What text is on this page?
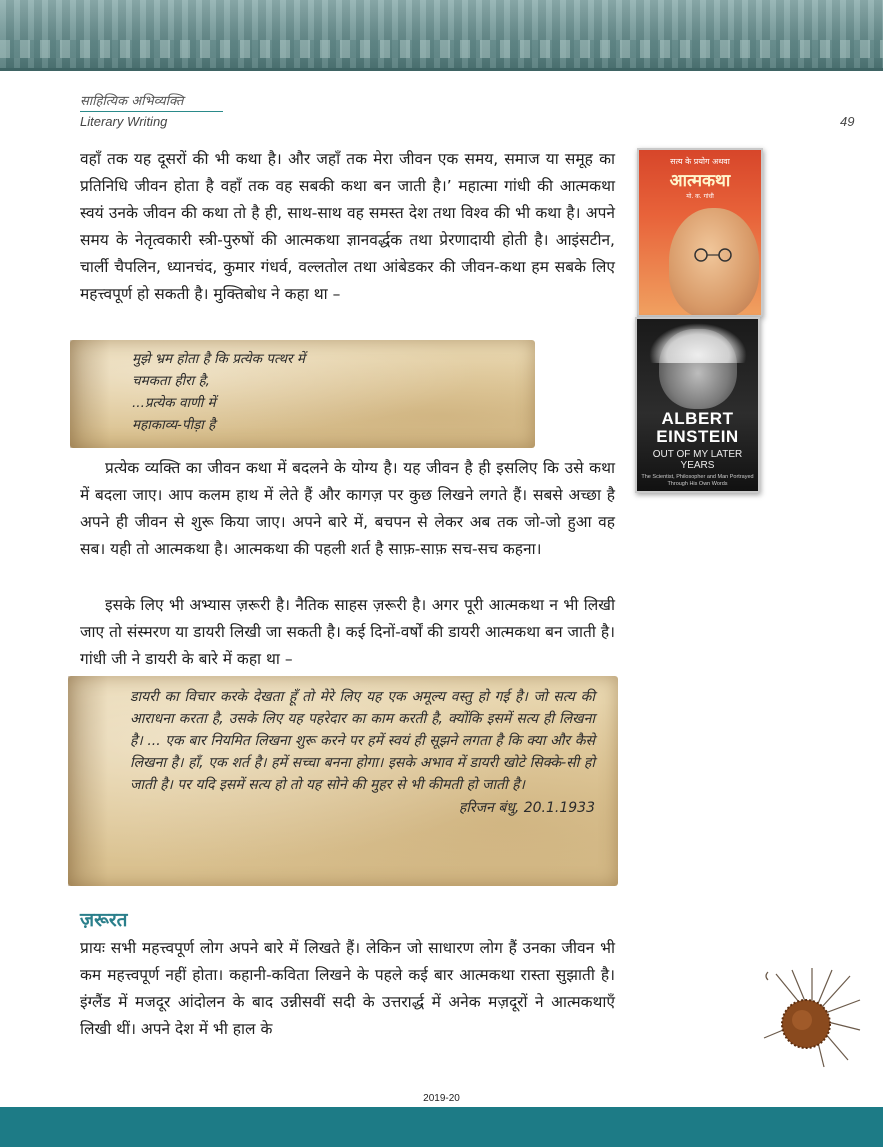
साहित्यिक अभिव्यक्ति
Literary Writing	49

वहाँ तक यह दूसरों की भी कथा है। और जहाँ तक मेरा जीवन एक समय, समाज या समूह का प्रतिनिधि जीवन होता है वहाँ तक वह सबकी कथा बन जाती है।’ महात्मा गांधी की आत्मकथा स्वयं उनके जीवन की कथा तो है ही, साथ-साथ वह समस्त देश तथा विश्व की भी कथा है। अपने समय के नेतृत्वकारी स्त्री-पुरुषों की आत्मकथा ज्ञानवर्द्धक तथा प्रेरणादायी होती है। आइंसटीन, चार्ली चैपलिन, ध्यानचंद, कुमार गंधर्व, वल्लतोल तथा आंबेडकर की जीवन-कथा हम सबके लिए महत्त्वपूर्ण हो सकती है। मुक्तिबोध ने कहा था –

मुझे भ्रम होता है कि प्रत्येक पत्थर में
चमकता हीरा है,
...प्रत्येक वाणी में
महाकाव्य-पीड़ा है

प्रत्येक व्यक्ति का जीवन कथा में बदलने के योग्य है। यह जीवन है ही इसलिए कि उसे कथा में बदला जाए। आप कलम हाथ में लेते हैं और कागज़ पर कुछ लिखने लगते हैं। सबसे अच्छा है अपने ही जीवन से शुरू किया जाए। अपने बारे में, बचपन से लेकर अब तक जो-जो हुआ वह सब। यही तो आत्मकथा है। आत्मकथा की पहली शर्त है साफ़-साफ़ सच-सच कहना।

इसके लिए भी अभ्यास ज़रूरी है। नैतिक साहस ज़रूरी है। अगर पूरी आत्मकथा न भी लिखी जाए तो संस्मरण या डायरी लिखी जा सकती है। कई दिनों-वर्षों की डायरी आत्मकथा बन जाती है। गांधी जी ने डायरी के बारे में कहा था –

डायरी का विचार करके देखता हूँ तो मेरे लिए यह एक अमूल्य वस्तु हो गई है। जो सत्य की आराधना करता है, उसके लिए यह पहरेदार का काम करती है, क्योंकि इसमें सत्य ही लिखना है। ... एक बार नियमित लिखना शुरू करने पर हमें स्वयं ही सूझने लगता है कि क्या और कैसे लिखना है। हाँ, एक शर्त है। हमें सच्चा बनना होगा। इसके अभाव में डायरी खोटे सिक्के-सी हो जाती है। पर यदि इसमें सत्य हो तो यह सोने की मुहर से भी कीमती हो जाती है।
हरिजन बंधु, 20.1.1933
सत्य के प्रयोग अथवा
आत्मकथा
मो. क. गांधी
ALBERT
EINSTEIN
OUT OF MY LATER YEARS
The Scientist, Philosopher and Man Portrayed Through His Own Words
ज़रूरत

प्रायः सभी महत्त्वपूर्ण लोग अपने बारे में लिखते हैं। लेकिन जो साधारण लोग हैं उनका जीवन भी कम महत्त्वपूर्ण नहीं होता। कहानी-कविता लिखने के पहले कई बार आत्मकथा रास्ता सुझाती है। इंग्लैंड में मजदूर आंदोलन के बाद उन्नीसवीं सदी के उत्तरार्द्ध में अनेक मज़दूरों ने आत्मकथाएँ लिखी थीं। अपने देश में भी हाल के

2019-20
